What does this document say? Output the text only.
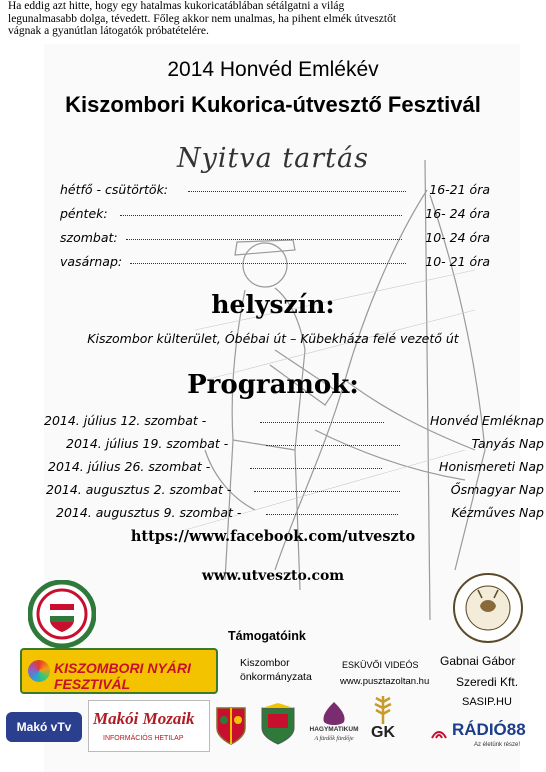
Ha eddig azt hitte, hogy egy hatalmas kukoricatáblában sétálgatni a világ
legunalmasabb dolga, tévedett. Főleg akkor nem unalmas, ha pihent elmék útvesztőt
vágnak a gyanútlan látogatók próbatételére.
2014 Honvéd Emlékév
Kiszombori Kukorica-útvesztő Fesztivál
Nyitva tartás
hétfő - csütörtök:	16-21 óra
péntek:	16- 24 óra
szombat:	10- 24 óra
vasárnap:	10- 21 óra
helyszín:
Kiszombor külterület, Óbébai út – Kübekháza felé vezető út
Programok:
2014. július 12. szombat -	Honvéd Emléknap
2014. július 19. szombat -	Tanyás Nap
2014. július 26. szombat -	Honismereti Nap
2014. augusztus 2. szombat -	Ősmagyar Nap
2014. augusztus 9. szombat -	Kézműves Nap
https://www.facebook.com/utveszto
www.utveszto.com
Támogatóink
KISZOMBORI NYÁRI FESZTIVÁL
Kiszombor önkormányzata
ESKÜVŐI VIDEÓS
www.pusztazoltan.hu
Gabnai Gábor
Szeredi Kft.
SASIP.HU
Makó vTv	Makói Mozaik
INFORMÁCIÓS HETILAP
HAGYMATIKUM
A fürdők fürdője	GK	RÁDIÓ88
Az életünk része!
